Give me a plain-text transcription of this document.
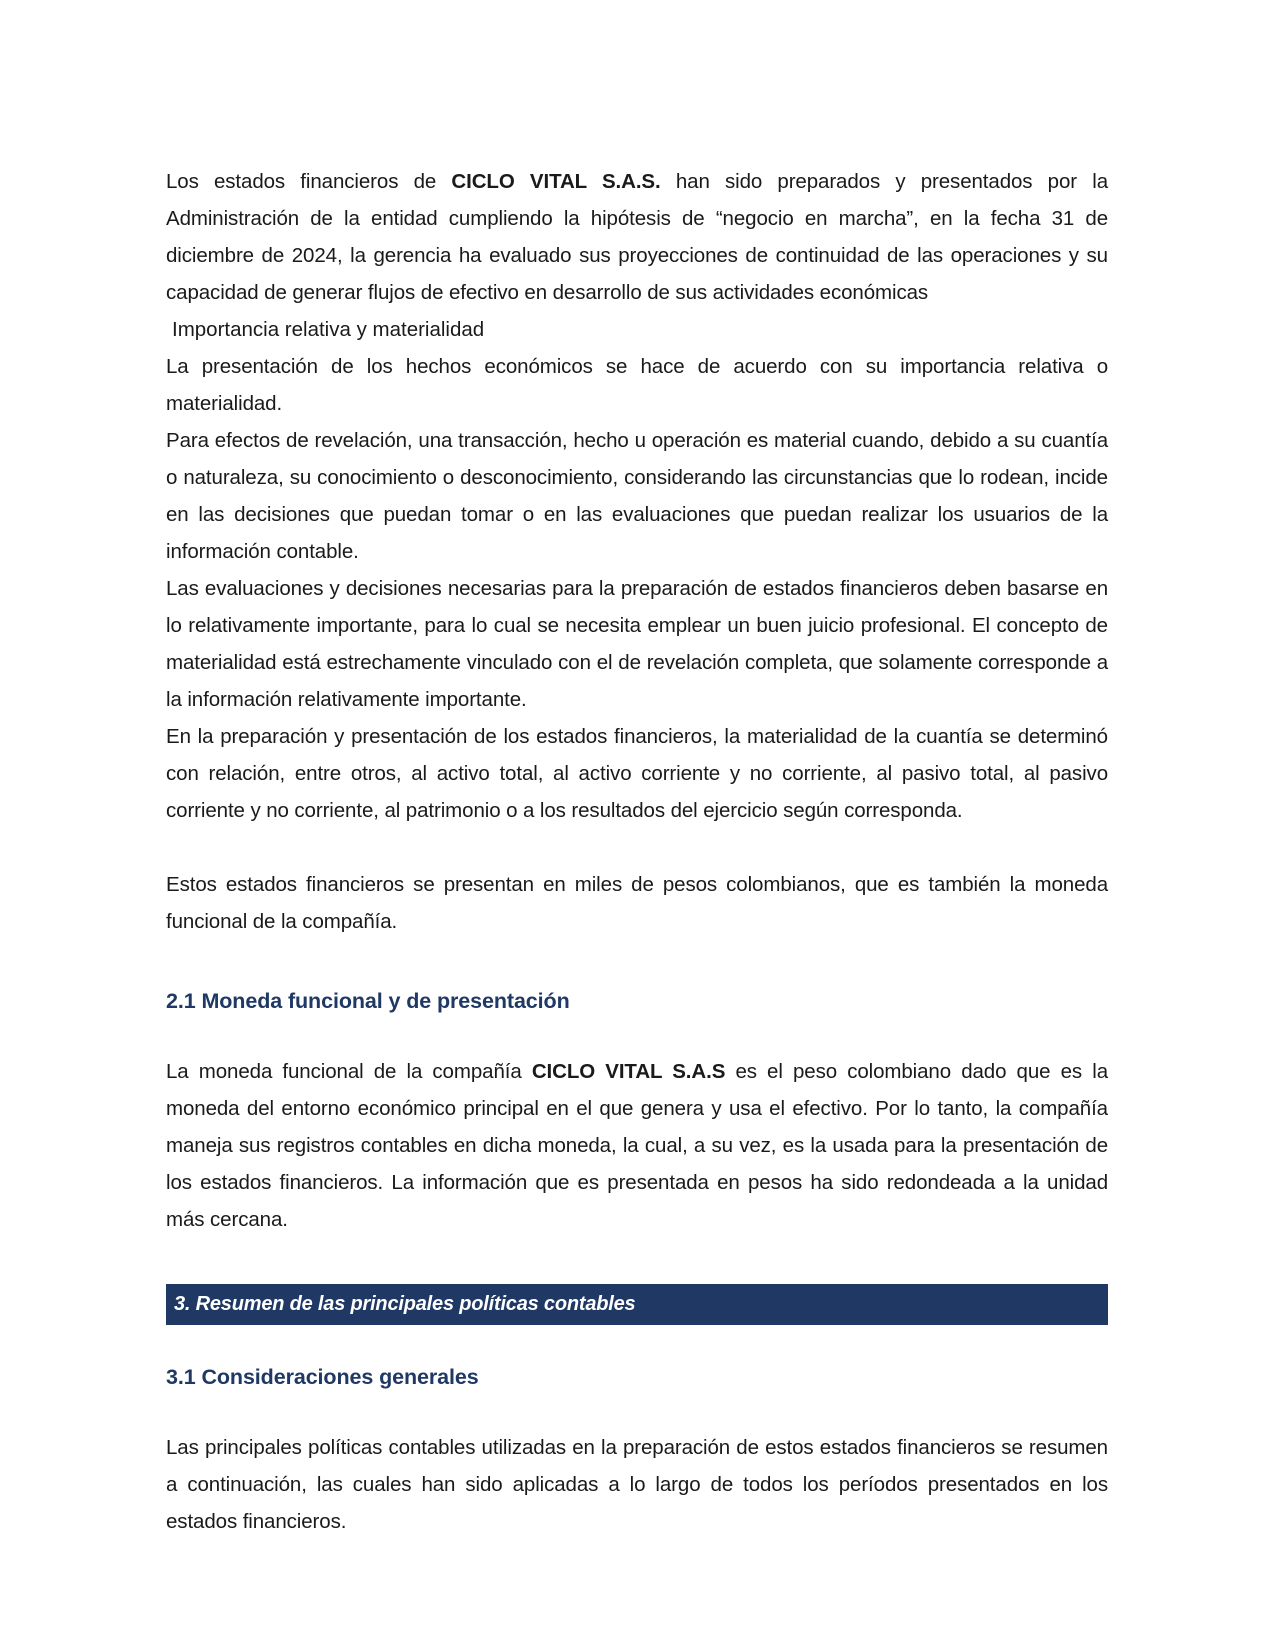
Los estados financieros de CICLO VITAL S.A.S. han sido preparados y presentados por la Administración de la entidad cumpliendo la hipótesis de “negocio en marcha”, en la fecha 31 de diciembre de 2024, la gerencia ha evaluado sus proyecciones de continuidad de las operaciones y su capacidad de generar flujos de efectivo en desarrollo de sus actividades económicas

Importancia relativa y materialidad

La presentación de los hechos económicos se hace de acuerdo con su importancia relativa o materialidad.

Para efectos de revelación, una transacción, hecho u operación es material cuando, debido a su cuantía o naturaleza, su conocimiento o desconocimiento, considerando las circunstancias que lo rodean, incide en las decisiones que puedan tomar o en las evaluaciones que puedan realizar los usuarios de la información contable.

Las evaluaciones y decisiones necesarias para la preparación de estados financieros deben basarse en lo relativamente importante, para lo cual se necesita emplear un buen juicio profesional. El concepto de materialidad está estrechamente vinculado con el de revelación completa, que solamente corresponde a la información relativamente importante.

En la preparación y presentación de los estados financieros, la materialidad de la cuantía se determinó con relación, entre otros, al activo total, al activo corriente y no corriente, al pasivo total, al pasivo corriente y no corriente, al patrimonio o a los resultados del ejercicio según corresponda.

Estos estados financieros se presentan en miles de pesos colombianos, que es también la moneda funcional de la compañía.

2.1 Moneda funcional y de presentación

La moneda funcional de la compañía CICLO VITAL S.A.S es el peso colombiano dado que es la moneda del entorno económico principal en el que genera y usa el efectivo. Por lo tanto, la compañía maneja sus registros contables en dicha moneda, la cual, a su vez, es la usada para la presentación de los estados financieros. La información que es presentada en pesos ha sido redondeada a la unidad más cercana.

3. Resumen de las principales políticas contables
3.1 Consideraciones generales

Las principales políticas contables utilizadas en la preparación de estos estados financieros se resumen a continuación, las cuales han sido aplicadas a lo largo de todos los períodos presentados en los estados financieros.
